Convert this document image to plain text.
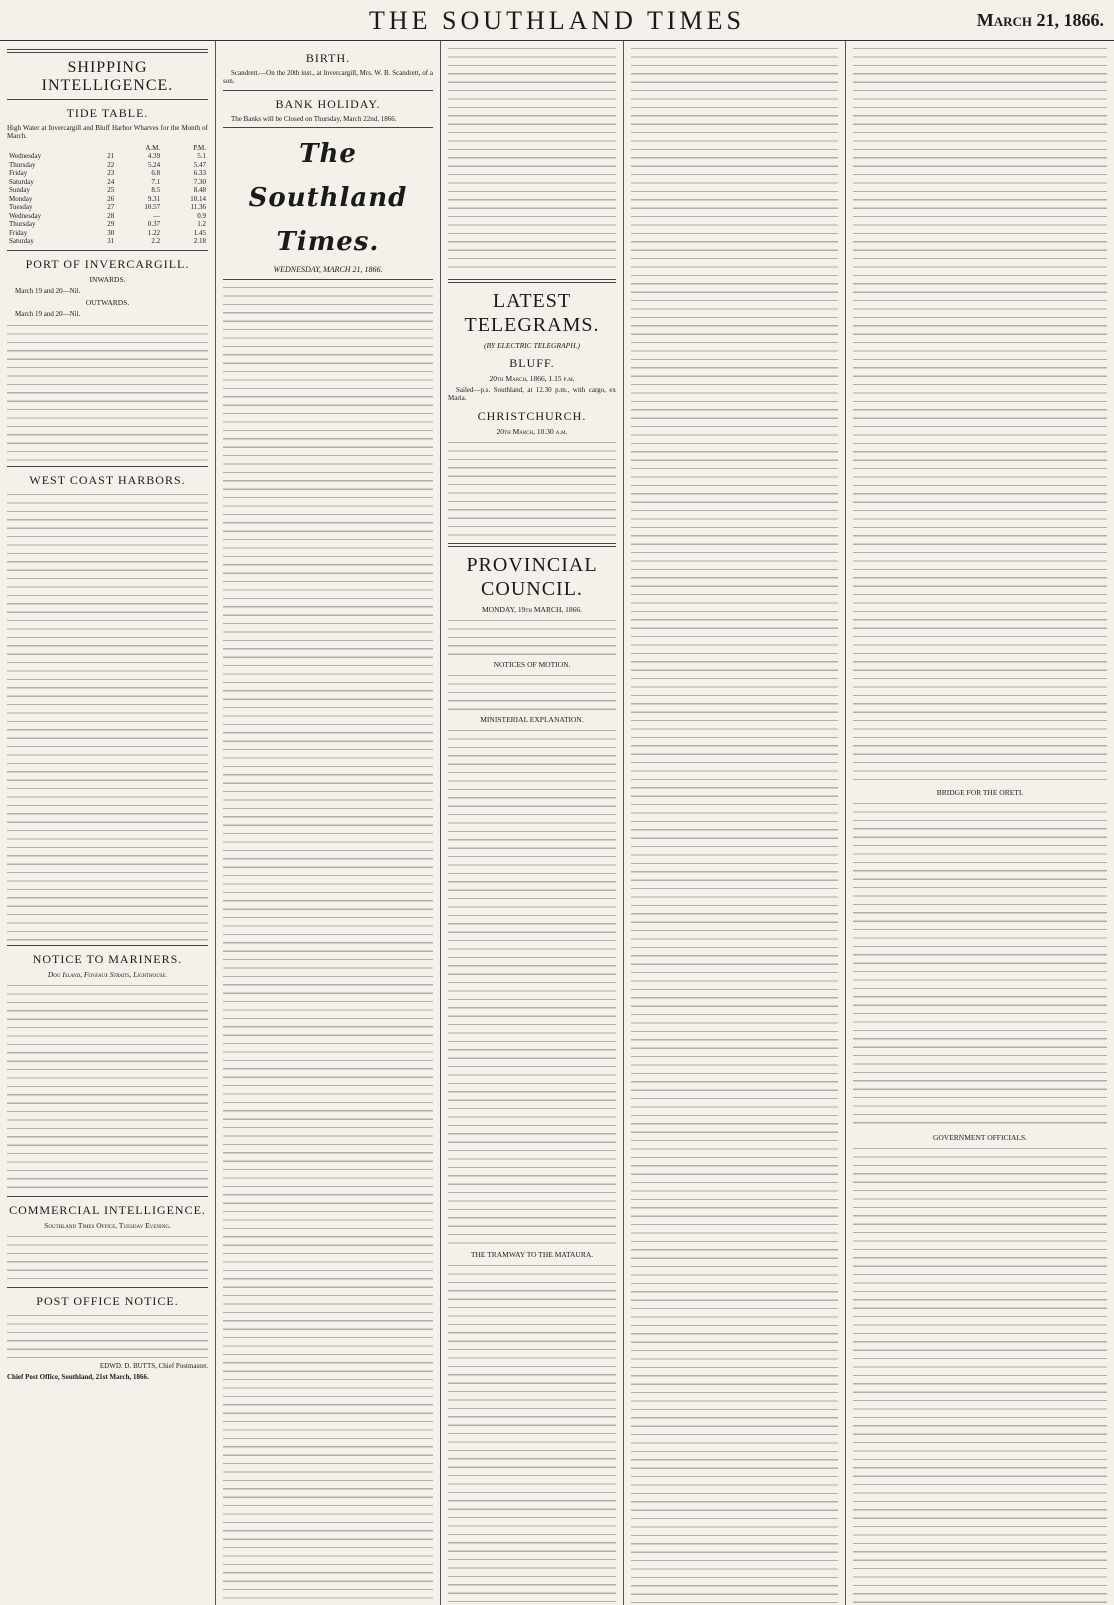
THE SOUTHLAND TIMES	March 21, 1866.
SHIPPING INTELLIGENCE.
TIDE TABLE.

High Water at Invercargill and Bluff Harbor Wharves for the Month of March.

		A.M.	P.M.
Wednesday	21	4.39	5.1
Thursday	22	5.24	5.47
Friday	23	6.8	6.33
Saturday	24	7.1	7.30
Sunday	25	8.5	8.48
Monday	26	9.31	10.14
Tuesday	27	10.57	11.36
Wednesday	28	—	0.9
Thursday	29	0.37	1.2
Friday	30	1.22	1.45
Saturday	31	2.2	2.18
PORT OF INVERCARGILL.
INWARDS.

March 19 and 20—Nil.

OUTWARDS.

March 19 and 20—Nil.

WEST COAST HARBORS.
NOTICE TO MARINERS.
Dog Island, Foveaux Straits, Lighthouse.
COMMERCIAL INTELLIGENCE.
Southland Times Office, Tuesday Evening.
POST OFFICE NOTICE.

EDWD. D. BUTTS, Chief Postmaster.

Chief Post Office, Southland, 21st March, 1866.

BIRTH.

Scandrett.—On the 20th inst., at Invercargill, Mrs. W. B. Scandrett, of a son.

BANK HOLIDAY.

The Banks will be Closed on Thursday, March 22nd, 1866.

The Southland Times.
WEDNESDAY, MARCH 21, 1866.
LATEST TELEGRAMS.
(BY ELECTRIC TELEGRAPH.)
BLUFF.
20th March, 1866, 1.15 p.m.

Sailed—p.s. Southland, at 12.30 p.m., with cargo, ex Maria.

CHRISTCHURCH.
20th March, 10.30 a.m.
PROVINCIAL COUNCIL.
MONDAY, 19th MARCH, 1866.
NOTICES OF MOTION.
MINISTERIAL EXPLANATION.
THE TRAMWAY TO THE MATAURA.
BRIDGE FOR THE ORETI.
GOVERNMENT OFFICIALS.
